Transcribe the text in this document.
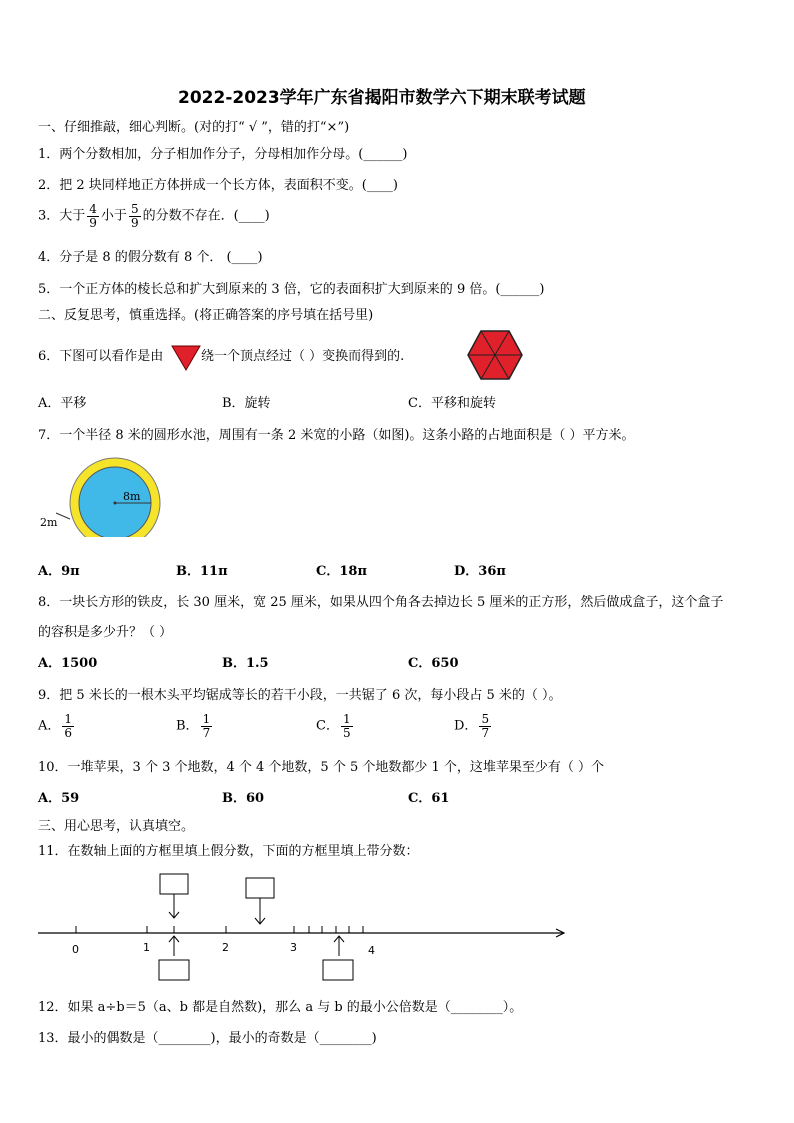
2022-2023学年广东省揭阳市数学六下期末联考试题
一、仔细推敲，细心判断。(对的打“ √ ”，错的打“×”)
1．两个分数相加，分子相加作分子，分母相加作分母。(______)
2．把 2 块同样地正方体拼成一个长方体，表面积不变。(____)
3．大于 $\frac{4}{9}$ 小于 $\frac{5}{9}$ 的分数不存在．(____)
4．分子是 8 的假分数有 8 个． (____)
5．一个正方体的棱长总和扩大到原来的 3 倍，它的表面积扩大到原来的 9 倍。(______)
二、反复思考，慎重选择。(将正确答案的序号填在括号里)
6．下图可以看作是由	绕一个顶点经过（ ）变换而得到的.
A．平移	B．旋转	C．平移和旋转
7．一个半径 8 米的圆形水池，周围有一条 2 米宽的小路（如图)。这条小路的占地面积是（ ）平方米。
8m
2m
A．9π	B．11π	C．18π	D．36π
8．一块长方形的铁皮，长 30 厘米，宽 25 厘米，如果从四个角各去掉边长 5 厘米的正方形，然后做成盒子，这个盒子
的容积是多少升？（ ）
A．1500	B．1.5	C．650
9．把 5 米长的一根木头平均锯成等长的若干小段，一共锯了 6 次，每小段占 5 米的（ ）。
A． $\frac{1}{6}$	B． $\frac{1}{7}$	C． $\frac{1}{5}$	D． $\frac{5}{7}$
10．一堆苹果，3 个 3 个地数，4 个 4 个地数，5 个 5 个地数都少 1 个，这堆苹果至少有（ ）个
A．59	B．60	C．61
三、用心思考，认真填空。
11．在数轴上面的方框里填上假分数，下面的方框里填上带分数：
0	1	2	3	4
12．如果 a÷b＝5（a、b 都是自然数)，那么 a 与 b 的最小公倍数是（________）。
13．最小的偶数是（________)，最小的奇数是（________)
